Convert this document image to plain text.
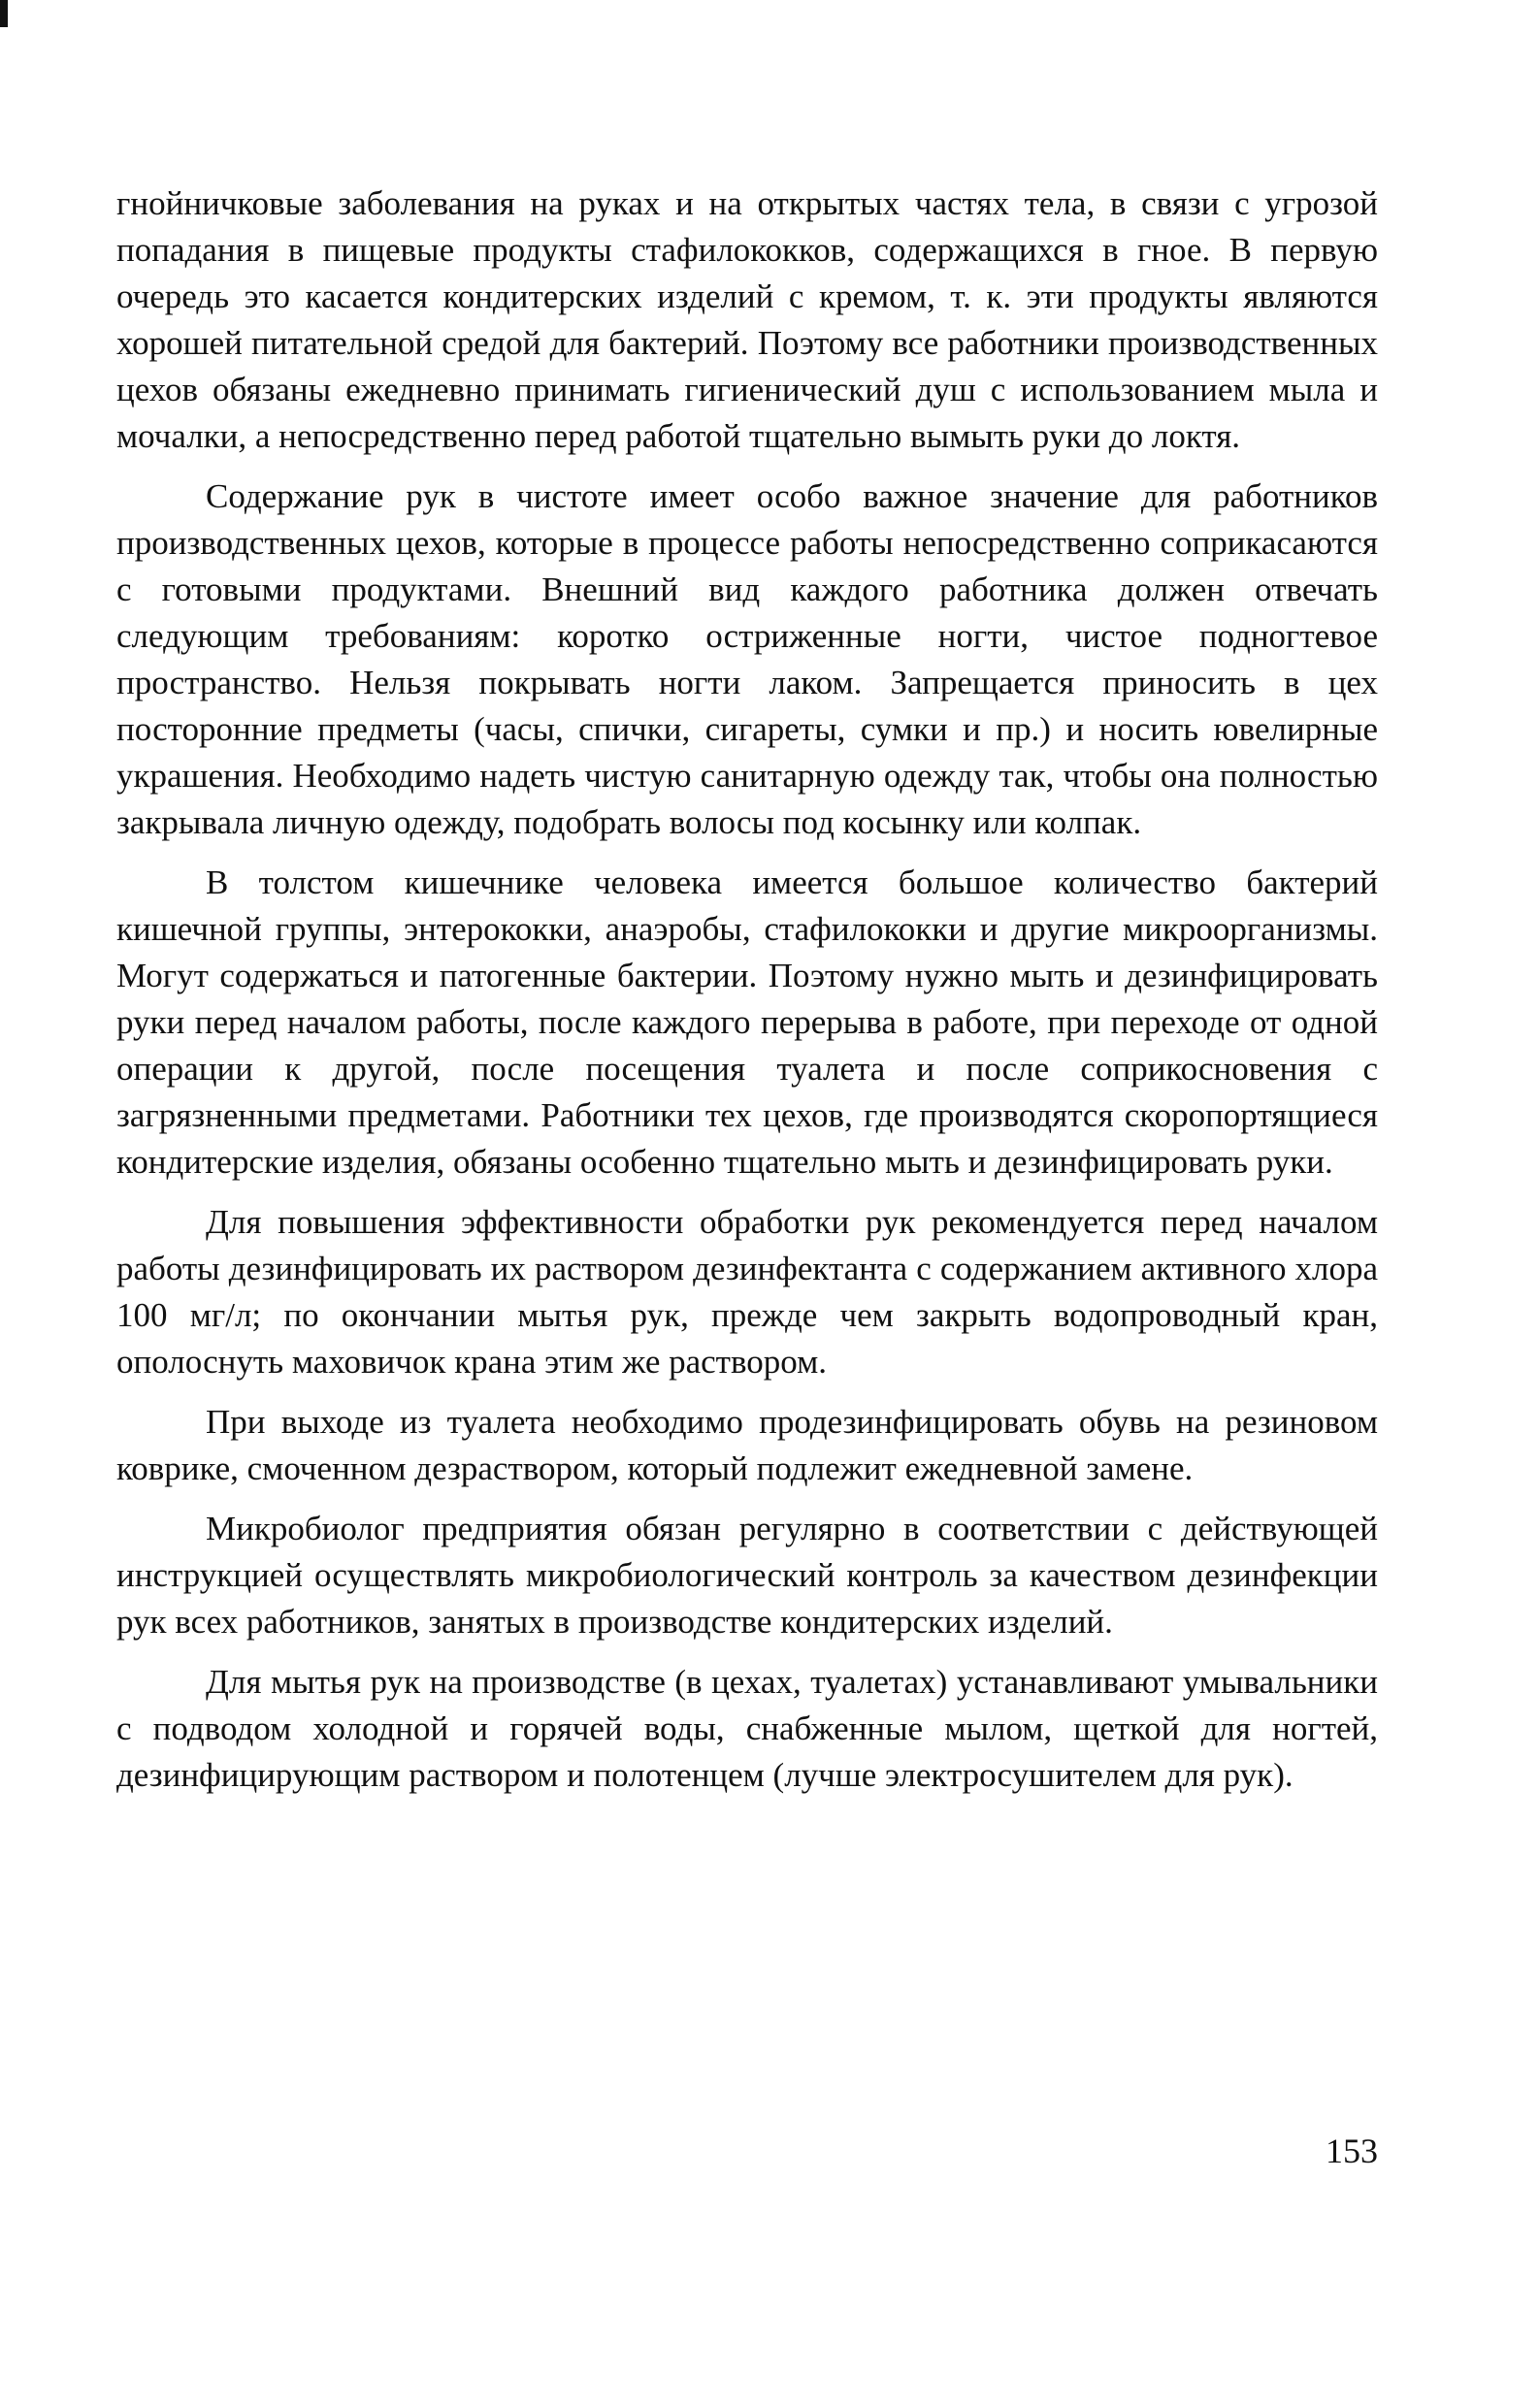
гнойничковые заболевания на руках и на открытых частях тела, в связи с угрозой попадания в пищевые продукты стафилококков, содержащихся в гное. В первую очередь это касается кондитерских изделий с кремом, т. к. эти продукты являются хорошей питательной средой для бактерий. Поэтому все работники производственных цехов обязаны ежедневно принимать гигиенический душ с использованием мыла и мочалки, а непосредственно перед работой тщательно вымыть руки до локтя.

Содержание рук в чистоте имеет особо важное значение для работников производственных цехов, которые в процессе работы непосредственно соприкасаются с готовыми продуктами. Внешний вид каждого работника должен отвечать следующим требованиям: коротко остриженные ногти, чистое подногтевое пространство. Нельзя покрывать ногти лаком. Запрещается приносить в цех посторонние предметы (часы, спички, сигареты, сумки и пр.) и носить ювелирные украшения. Необходимо надеть чистую санитарную одежду так, чтобы она полностью закрывала личную одежду, подобрать волосы под косынку или колпак.

В толстом кишечнике человека имеется большое количество бактерий кишечной группы, энтерококки, анаэробы, стафилококки и другие микроорганизмы. Могут содержаться и патогенные бактерии. Поэтому нужно мыть и дезинфицировать руки перед началом работы, после каждого перерыва в работе, при переходе от одной операции к другой, после посещения туалета и после соприкосновения с загрязненными предметами. Работники тех цехов, где производятся скоропортящиеся кондитерские изделия, обязаны особенно тщательно мыть и дезинфицировать руки.

Для повышения эффективности обработки рук рекомендуется перед началом работы дезинфицировать их раствором дезинфектанта с содержанием активного хлора 100 мг/л; по окончании мытья рук, прежде чем закрыть водопроводный кран, ополоснуть маховичок крана этим же раствором.

При выходе из туалета необходимо продезинфицировать обувь на резиновом коврике, смоченном дезраствором, который подлежит ежедневной замене.

Микробиолог предприятия обязан регулярно в соответствии с действующей инструкцией осуществлять микробиологический контроль за качеством дезинфекции рук всех работников, занятых в производстве кондитерских изделий.

Для мытья рук на производстве (в цехах, туалетах) устанавливают умывальники с подводом холодной и горячей воды, снабженные мылом, щеткой для ногтей, дезинфицирующим раствором и полотенцем (лучше электросушителем для рук).

153
